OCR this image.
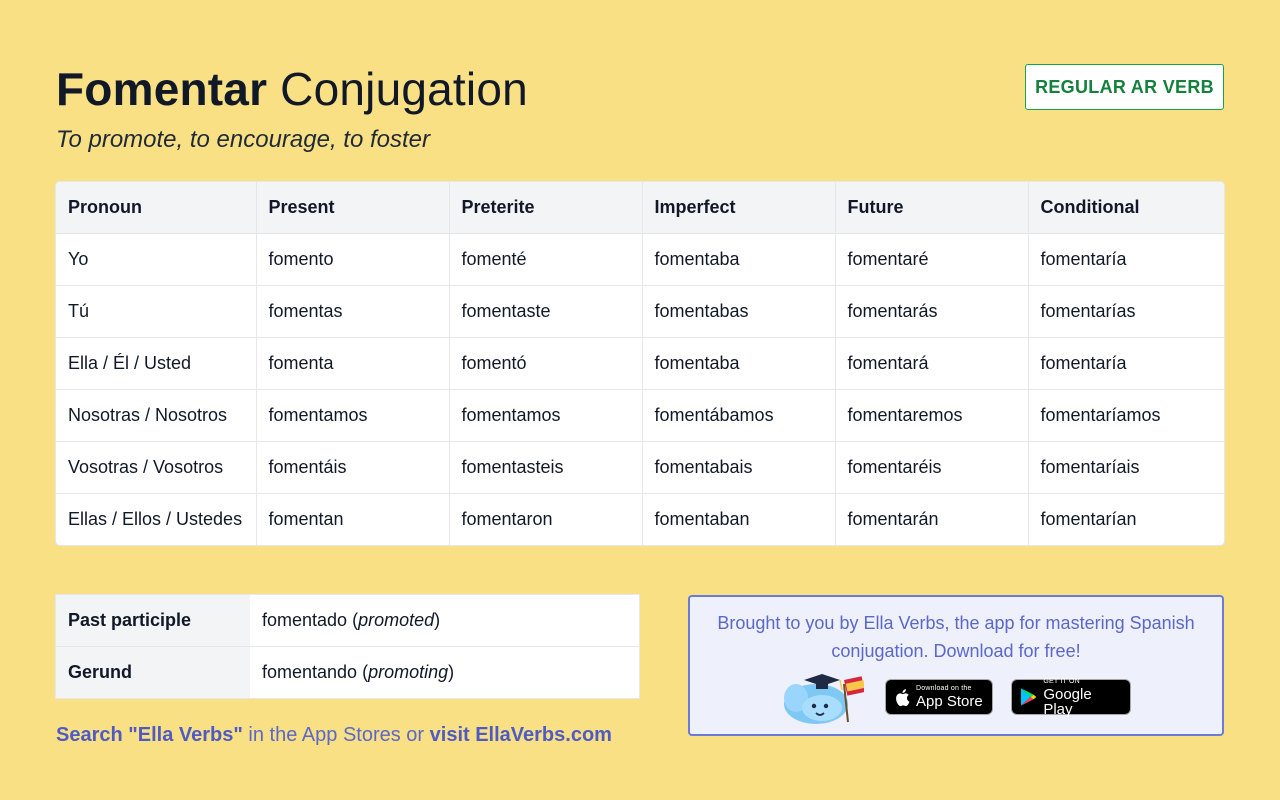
Fomentar Conjugation

To promote, to encourage, to foster

REGULAR AR VERB
Pronoun	Present	Preterite	Imperfect	Future	Conditional
Yo	fomento	fomenté	fomentaba	fomentaré	fomentaría
Tú	fomentas	fomentaste	fomentabas	fomentarás	fomentarías
Ella / Él / Usted	fomenta	fomentó	fomentaba	fomentará	fomentaría
Nosotras / Nosotros	fomentamos	fomentamos	fomentábamos	fomentaremos	fomentaríamos
Vosotras / Vosotros	fomentáis	fomentasteis	fomentabais	fomentaréis	fomentaríais
Ellas / Ellos / Ustedes	fomentan	fomentaron	fomentaban	fomentarán	fomentarían
Past participle	fomentado (promoted)
Gerund	fomentando (promoting)

Search "Ella Verbs" in the App Stores or visit EllaVerbs.com

Brought to you by Ella Verbs, the app for mastering Spanish conjugation. Download for free!

Download on the
App Store
GET IT ON
Google Play
